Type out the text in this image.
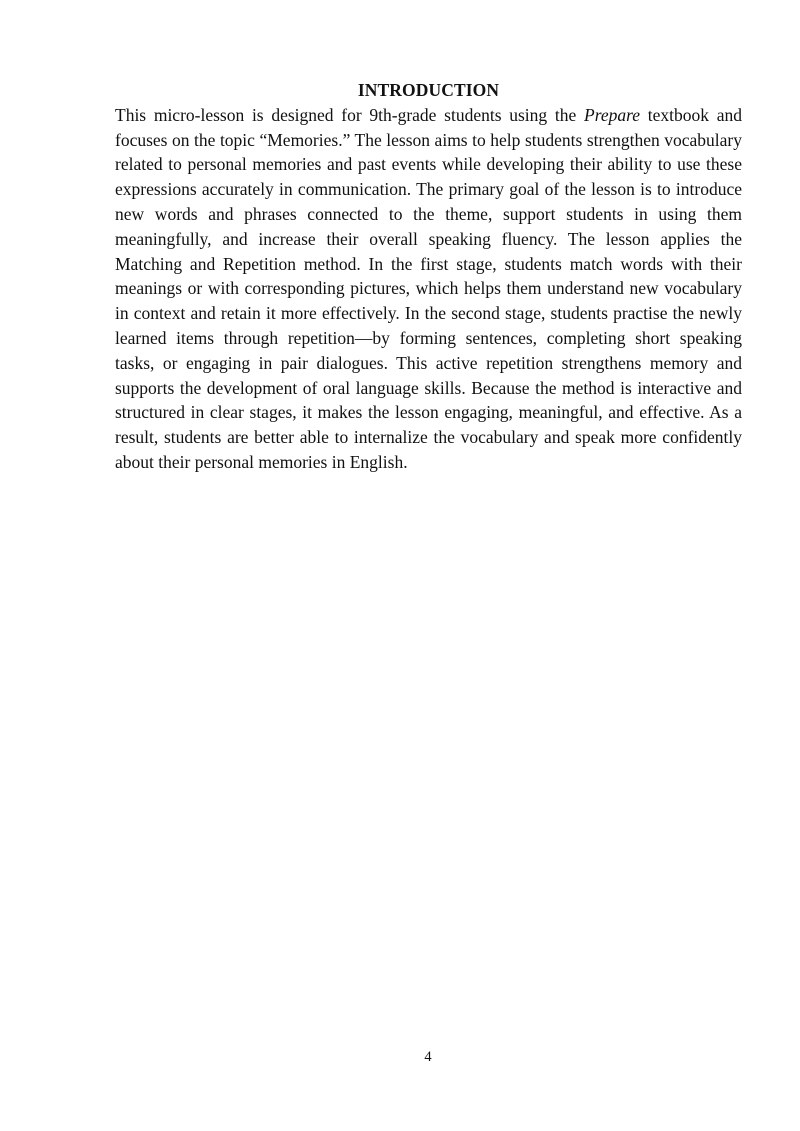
INTRODUCTION

This micro-lesson is designed for 9th-grade students using the Prepare textbook and focuses on the topic “Memories.” The lesson aims to help students strengthen vocabulary related to personal memories and past events while developing their ability to use these expressions accurately in communication. The primary goal of the lesson is to introduce new words and phrases connected to the theme, support students in using them meaningfully, and increase their overall speaking fluency. The lesson applies the Matching and Repetition method. In the first stage, students match words with their meanings or with corresponding pictures, which helps them understand new vocabulary in context and retain it more effectively. In the second stage, students practise the newly learned items through repetition—by forming sentences, completing short speaking tasks, or engaging in pair dialogues. This active repetition strengthens memory and supports the development of oral language skills. Because the method is interactive and structured in clear stages, it makes the lesson engaging, meaningful, and effective. As a result, students are better able to internalize the vocabulary and speak more confidently about their personal memories in English.

4
